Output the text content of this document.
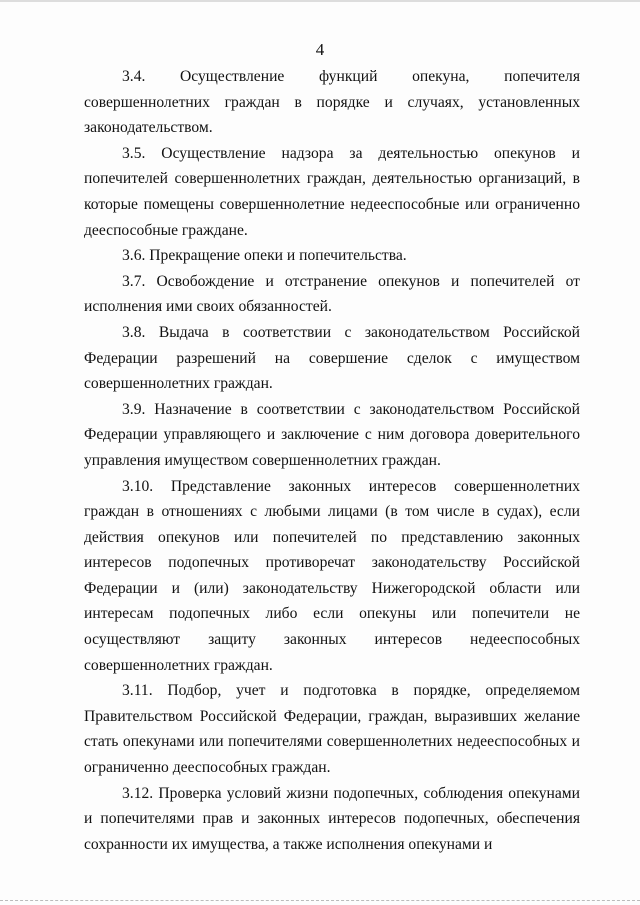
4

3.4.       Осуществление       функций       опекуна,       попечителя совершеннолетних граждан в порядке и случаях, установленных законодательством.

3.5. Осуществление надзора за деятельностью опекунов и попечителей совершеннолетних граждан, деятельностью организаций, в которые помещены совершеннолетние недееспособные или ограниченно дееспособные граждане.

3.6. Прекращение опеки и попечительства.

3.7. Освобождение и отстранение опекунов и попечителей от исполнения ими своих обязанностей.

3.8. Выдача в соответствии с законодательством Российской Федерации разрешений на совершение сделок с имуществом совершеннолетних граждан.

3.9. Назначение в соответствии с законодательством Российской Федерации управляющего и заключение с ним договора доверительного управления имуществом совершеннолетних граждан.

3.10. Представление законных интересов совершеннолетних граждан в отношениях с любыми лицами (в том числе в судах), если действия опекунов или попечителей по представлению законных интересов подопечных противоречат законодательству Российской Федерации и (или) законодательству Нижегородской области или интересам подопечных либо если опекуны или попечители не осуществляют защиту законных интересов недееспособных совершеннолетних граждан.

3.11. Подбор, учет и подготовка в порядке, определяемом Правительством Российской Федерации, граждан, выразивших желание стать опекунами или попечителями совершеннолетних недееспособных и ограниченно дееспособных граждан.

3.12. Проверка условий жизни подопечных, соблюдения опекунами и попечителями прав и законных интересов подопечных, обеспечения сохранности их имущества, а также исполнения опекунами и
